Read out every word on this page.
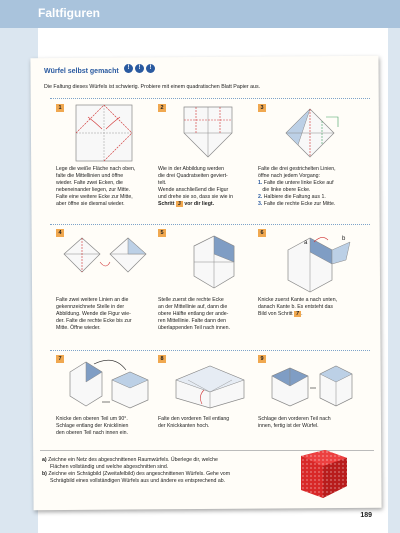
Faltfiguren
Würfel selbst gemacht	!	!	!
Die Faltung dieses Würfels ist schwierig. Probiere mit einem quadratischen Blatt Papier aus.
1
Lege die weiße Fläche nach oben,
falte die Mittellinien und öffne
wieder. Falte zwei Ecken, die
nebeneinander liegen, zur Mitte.
Falte eine weitere Ecke zur Mitte,
aber öffne sie diesmal wieder.
2
Wie in der Abbildung werden
die drei Quadratseiten geviert-
telt.
Wende anschließend die Figur
und drehe sie so, dass sie wie in
Schritt 3 vor dir liegt.
3
Falte die drei gestrichelten Linien,
öffne nach jedem Vorgang:
1. Falte die untere linke Ecke auf
die linke obere Ecke.
2. Halbiere die Faltung aus 1.
3. Falte die rechte Ecke zur Mitte.
4
Falte zwei weitere Linien an die
gekennzeichnete Stelle in der
Abbildung. Wende die Figur wie-
der. Falte die rechte Ecke bis zur
Mitte. Öffne wieder.
5
Stelle zuerst die rechte Ecke
an der Mittellinie auf, dann die
obere Hälfte entlang der ande-
ren Mittellinie. Falte dann den
überlappenden Teil nach innen.
6
a
b
Knicke zuerst Kante a nach unten,
danach Kante b. Es entsteht das
Bild von Schritt 7 .
7
Knicke den oberen Teil um 90°.
Schlage entlang der Knicklinien
den oberen Teil nach innen ein.
8
Falte den vorderen Teil entlang
der Knickkanten hoch.
9
Schlage den vorderen Teil nach
innen, fertig ist der Würfel.
a) Zeichne ein Netz des abgeschnittenen Raumwürfels. Überlege dir, welche
Flächen vollständig und welche abgeschnitten sind.
b) Zeichne ein Schrägbild (Zweitafelbild) des angeschnittenen Würfels. Gehe vom
Schrägbild eines vollständigen Würfels aus und ändere es entsprechend ab.
189
